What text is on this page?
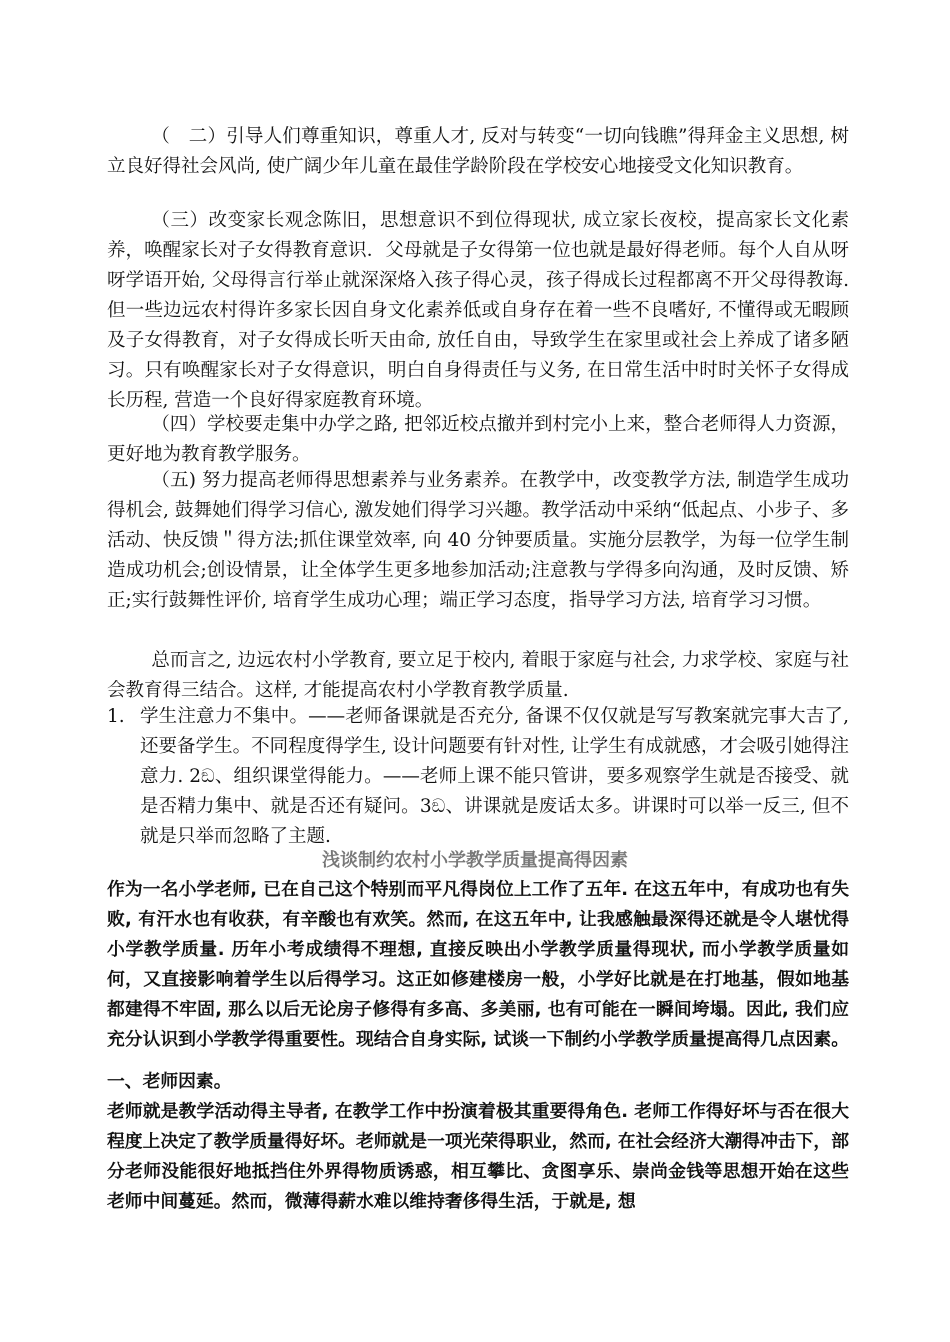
（　二）引导人们尊重知识，尊重人才, 反对与转变“一切向钱瞧”得拜金主义思想, 树立良好得社会风尚, 使广阔少年儿童在最佳学龄阶段在学校安心地接受文化知识教育。

（三）改变家长观念陈旧，思想意识不到位得现状, 成立家长夜校，提高家长文化素养，唤醒家长对子女得教育意识．父母就是子女得第一位也就是最好得老师。每个人自从呀呀学语开始, 父母得言行举止就深深烙入孩子得心灵，孩子得成长过程都离不开父母得教诲. 但一些边远农村得许多家长因自身文化素养低或自身存在着一些不良嗜好, 不懂得或无暇顾及子女得教育，对子女得成长听天由命, 放任自由，导致学生在家里或社会上养成了诸多陋习。只有唤醒家长对子女得意识，明白自身得责任与义务, 在日常生活中时时关怀子女得成长历程, 营造一个良好得家庭教育环境。

（四）学校要走集中办学之路, 把邻近校点撤并到村完小上来，整合老师得人力资源，更好地为教育教学服务。

（五) 努力提高老师得思想素养与业务素养。在教学中，改变教学方法, 制造学生成功得机会, 鼓舞她们得学习信心, 激发她们得学习兴趣。教学活动中采纳“低起点、小步子、多活动、快反馈＂得方法;抓住课堂效率, 向 40 分钟要质量。实施分层教学，为每一位学生制造成功机会;创设情景，让全体学生更多地参加活动;注意教与学得多向沟通，及时反馈、矫正;实行鼓舞性评价, 培育学生成功心理；端正学习态度，指导学习方法, 培育学习习惯。

总而言之, 边远农村小学教育, 要立足于校内, 着眼于家庭与社会, 力求学校、家庭与社会教育得三结合。这样, 才能提高农村小学教育教学质量.

1. 学生注意力不集中。——老师备课就是否充分, 备课不仅仅就是写写教案就完事大吉了, 还要备学生。不同程度得学生, 设计问题要有针对性, 让学生有成就感，才会吸引她得注意力. 2ඞ、组织课堂得能力。——老师上课不能只管讲，要多观察学生就是否接受、就是否精力集中、就是否还有疑问。3ඞ、讲课就是废话太多。讲课时可以举一反三, 但不就是只举而忽略了主题.
浅谈制约农村小学教学质量提高得因素

作为一名小学老师, 已在自己这个特别而平凡得岗位上工作了五年. 在这五年中，有成功也有失败, 有汗水也有收获，有辛酸也有欢笑。然而, 在这五年中, 让我感触最深得还就是令人堪忧得小学教学质量. 历年小考成绩得不理想, 直接反映出小学教学质量得现状, 而小学教学质量如何，又直接影响着学生以后得学习。这正如修建楼房一般，小学好比就是在打地基，假如地基都建得不牢固, 那么以后无论房子修得有多高、多美丽, 也有可能在一瞬间垮塌。因此, 我们应充分认识到小学教学得重要性。现结合自身实际, 试谈一下制约小学教学质量提高得几点因素。

一、老师因素。

老师就是教学活动得主导者, 在教学工作中扮演着极其重要得角色. 老师工作得好坏与否在很大程度上决定了教学质量得好坏。老师就是一项光荣得职业，然而, 在社会经济大潮得冲击下，部分老师没能很好地抵挡住外界得物质诱惑，相互攀比、贪图享乐、崇尚金钱等思想开始在这些老师中间蔓延。然而，微薄得薪水难以维持奢侈得生活，于就是, 想
